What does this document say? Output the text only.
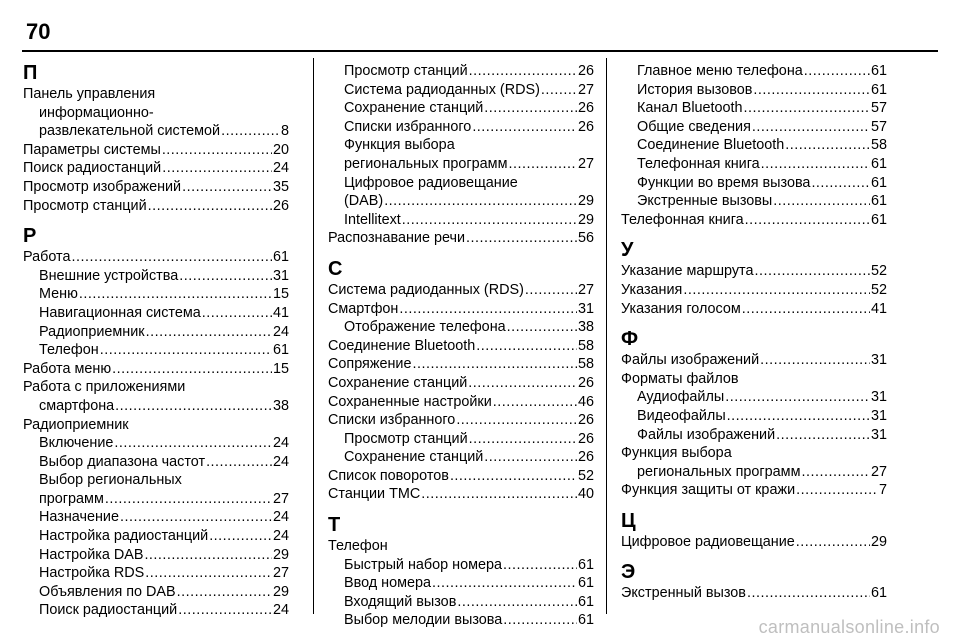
70
П
Панель управления
информационно-
развлекательной системой .....	8
Параметры системы .....	20
Поиск радиостанций .....	24
Просмотр изображений .....	35
Просмотр станций .....	26
Р
Работа .....	61
Внешние устройства .....	31
Меню .....	15
Навигационная система .....	41
Радиоприемник .....	24
Телефон .....	61
Работа меню .....	15
Работа с приложениями
смартфона .....	38
Радиоприемник
Включение .....	24
Выбор диапазона частот .....	24
Выбор региональных
программ .....	27
Назначение .....	24
Настройка радиостанций .....	24
Настройка DAB .....	29
Настройка RDS .....	27
Объявления по DAB .....	29
Поиск радиостанций .....	24
Просмотр станций .....	26
Система радиоданных (RDS) .....	27
Сохранение станций .....	26
Списки избранного .....	26
Функция выбора
региональных программ .....	27
Цифровое радиовещание
(DAB) .....	29
Intellitext .....	29
Распознавание речи .....	56
С
Система радиоданных (RDS) .....	27
Смартфон .....	31
Отображение телефона .....	38
Соединение Bluetooth .....	58
Сопряжение .....	58
Сохранение станций .....	26
Сохраненные настройки .....	46
Списки избранного .....	26
Просмотр станций .....	26
Сохранение станций .....	26
Список поворотов .....	52
Станции TMC .....	40
Т
Телефон
Быстрый набор номера .....	61
Ввод номера .....	61
Входящий вызов .....	61
Выбор мелодии вызова .....	61
Главное меню телефона .....	61
История вызовов .....	61
Канал Bluetooth .....	57
Общие сведения .....	57
Соединение Bluetooth .....	58
Телефонная книга .....	61
Функции во время вызова .....	61
Экстренные вызовы .....	61
Телефонная книга .....	61
У
Указание маршрута .....	52
Указания .....	52
Указания голосом .....	41
Ф
Файлы изображений .....	31
Форматы файлов
Аудиофайлы .....	31
Видеофайлы .....	31
Файлы изображений .....	31
Функция выбора
региональных программ .....	27
Функция защиты от кражи .....	7
Ц
Цифровое радиовещание .....	29
Э
Экстренный вызов .....	61
carmanualsonline.info
